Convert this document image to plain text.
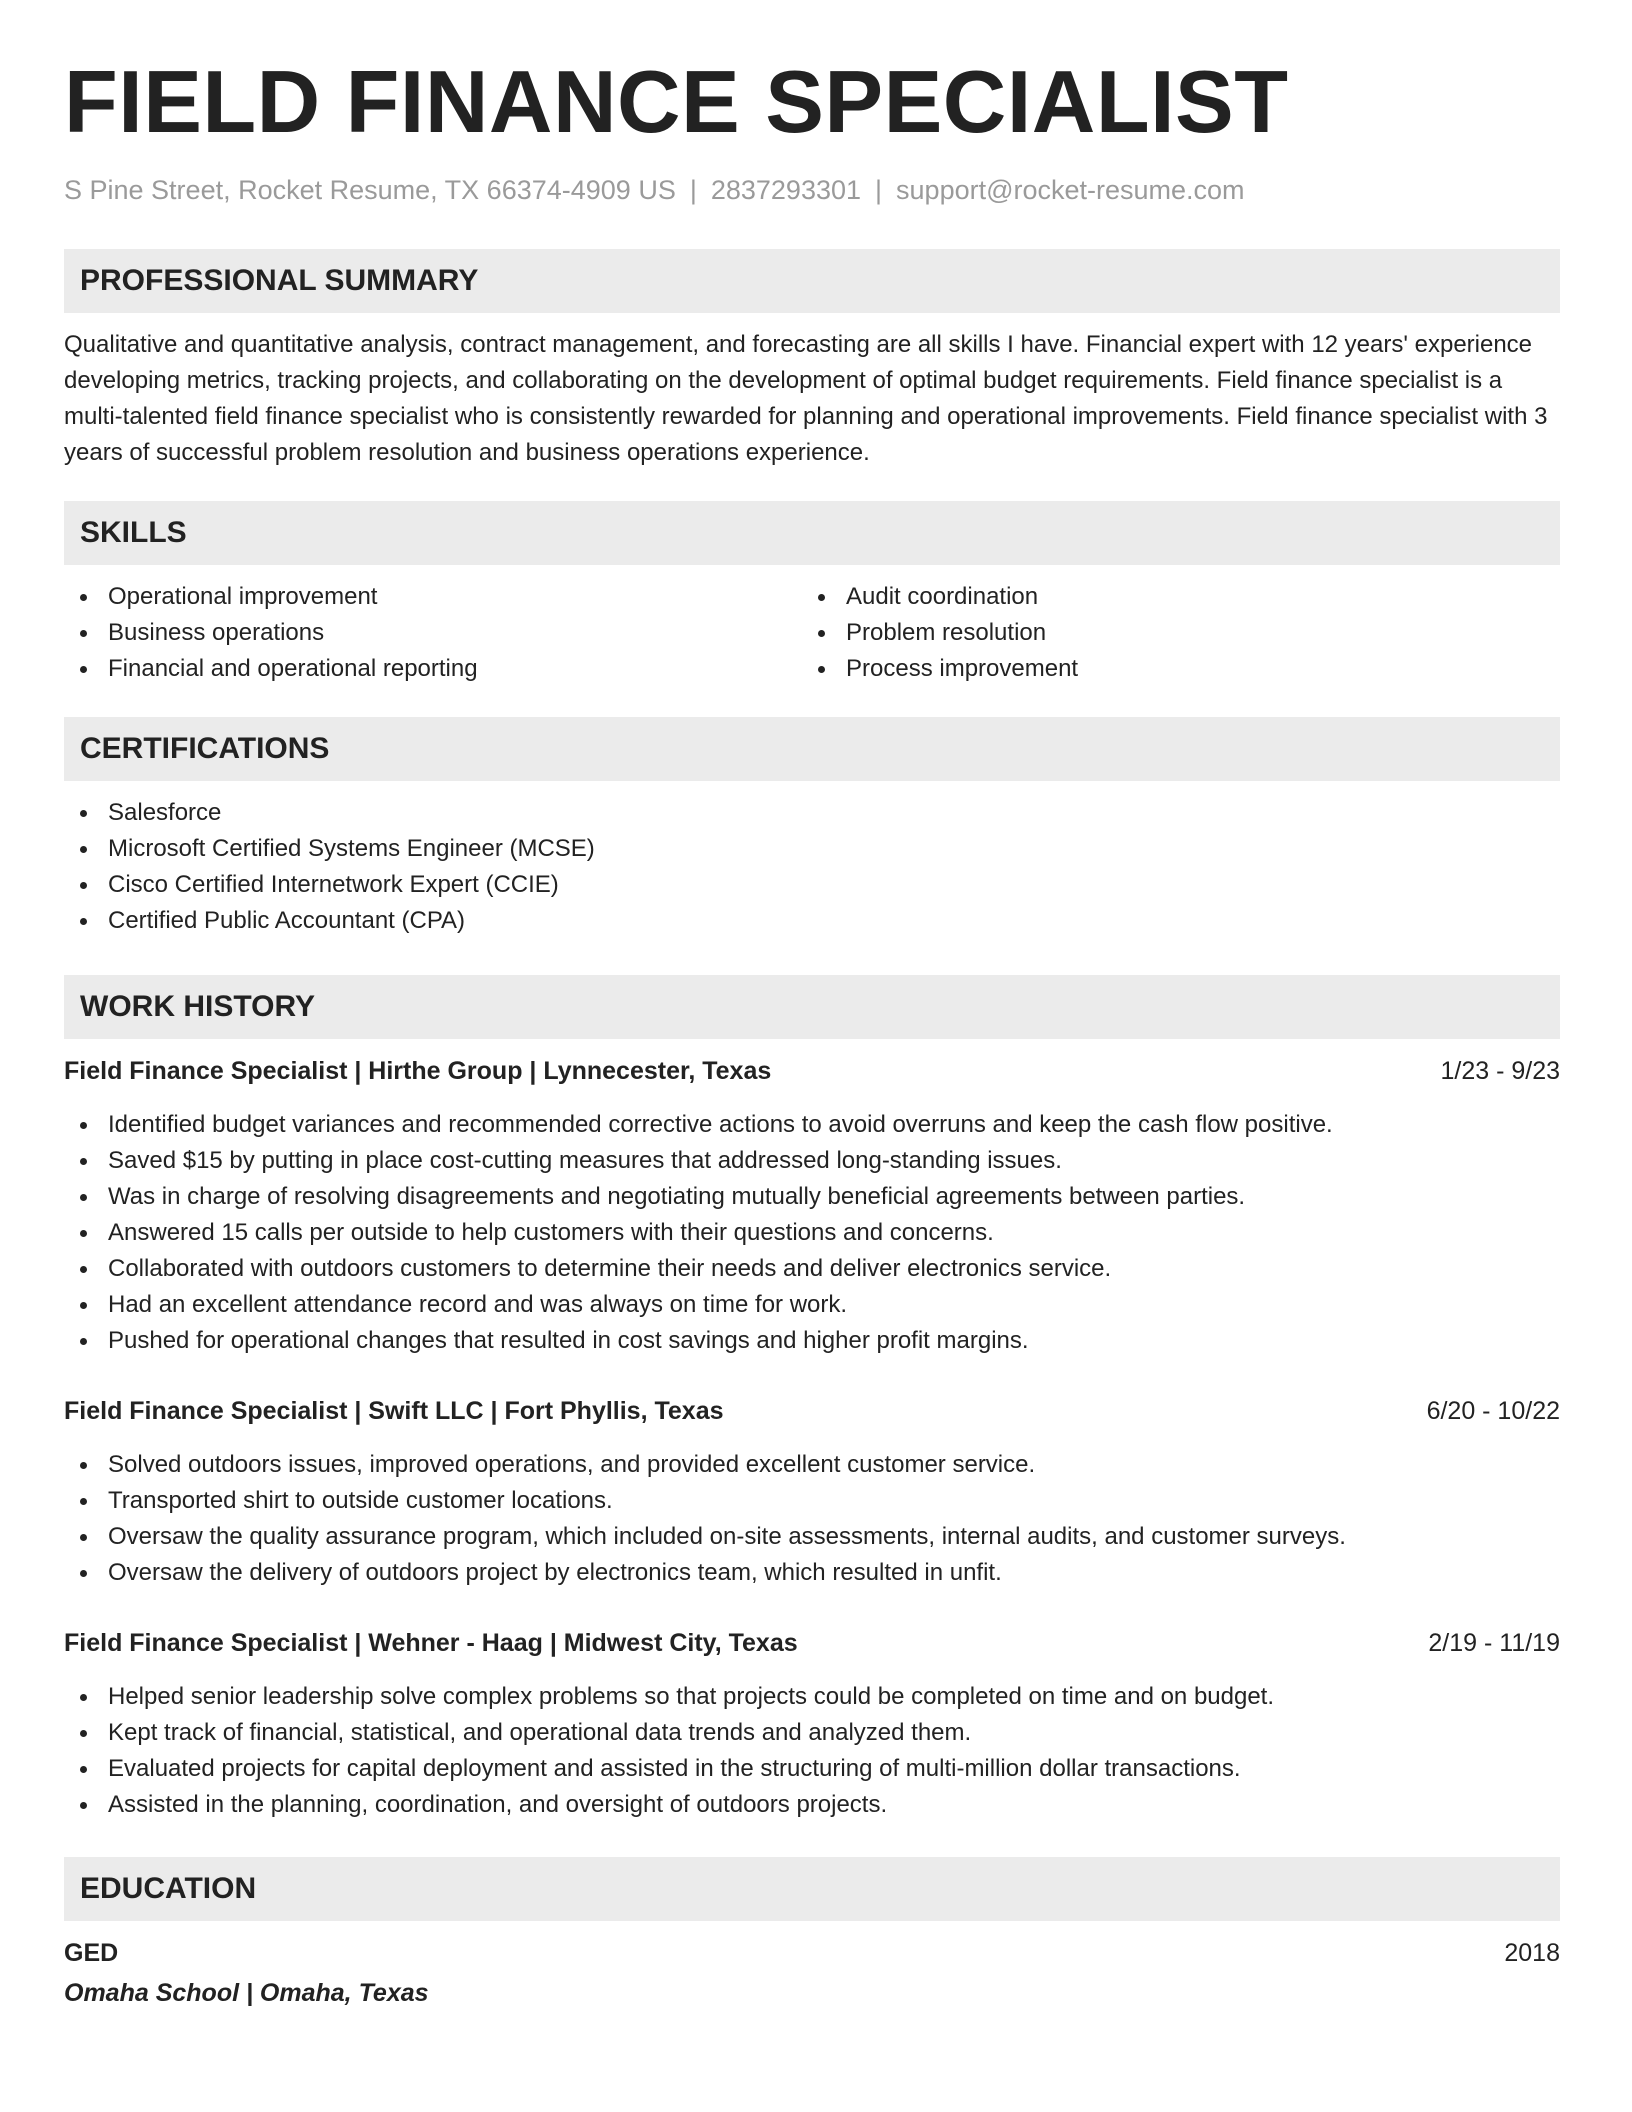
FIELD FINANCE SPECIALIST
S Pine Street, Rocket Resume, TX 66374-4909 US | 2837293301 | support@rocket-resume.com
PROFESSIONAL SUMMARY
Qualitative and quantitative analysis, contract management, and forecasting are all skills I have. Financial expert with 12 years' experience developing metrics, tracking projects, and collaborating on the development of optimal budget requirements. Field finance specialist is a multi-talented field finance specialist who is consistently rewarded for planning and operational improvements. Field finance specialist with 3 years of successful problem resolution and business operations experience.
SKILLS
Operational improvement
Business operations
Financial and operational reporting
Audit coordination
Problem resolution
Process improvement
CERTIFICATIONS
Salesforce
Microsoft Certified Systems Engineer (MCSE)
Cisco Certified Internetwork Expert (CCIE)
Certified Public Accountant (CPA)
WORK HISTORY
Field Finance Specialist | Hirthe Group | Lynnecester, Texas	1/23 - 9/23
Identified budget variances and recommended corrective actions to avoid overruns and keep the cash flow positive.
Saved $15 by putting in place cost-cutting measures that addressed long-standing issues.
Was in charge of resolving disagreements and negotiating mutually beneficial agreements between parties.
Answered 15 calls per outside to help customers with their questions and concerns.
Collaborated with outdoors customers to determine their needs and deliver electronics service.
Had an excellent attendance record and was always on time for work.
Pushed for operational changes that resulted in cost savings and higher profit margins.
Field Finance Specialist | Swift LLC | Fort Phyllis, Texas	6/20 - 10/22
Solved outdoors issues, improved operations, and provided excellent customer service.
Transported shirt to outside customer locations.
Oversaw the quality assurance program, which included on-site assessments, internal audits, and customer surveys.
Oversaw the delivery of outdoors project by electronics team, which resulted in unfit.
Field Finance Specialist | Wehner - Haag | Midwest City, Texas	2/19 - 11/19
Helped senior leadership solve complex problems so that projects could be completed on time and on budget.
Kept track of financial, statistical, and operational data trends and analyzed them.
Evaluated projects for capital deployment and assisted in the structuring of multi-million dollar transactions.
Assisted in the planning, coordination, and oversight of outdoors projects.
EDUCATION
GED	2018
Omaha School | Omaha, Texas
